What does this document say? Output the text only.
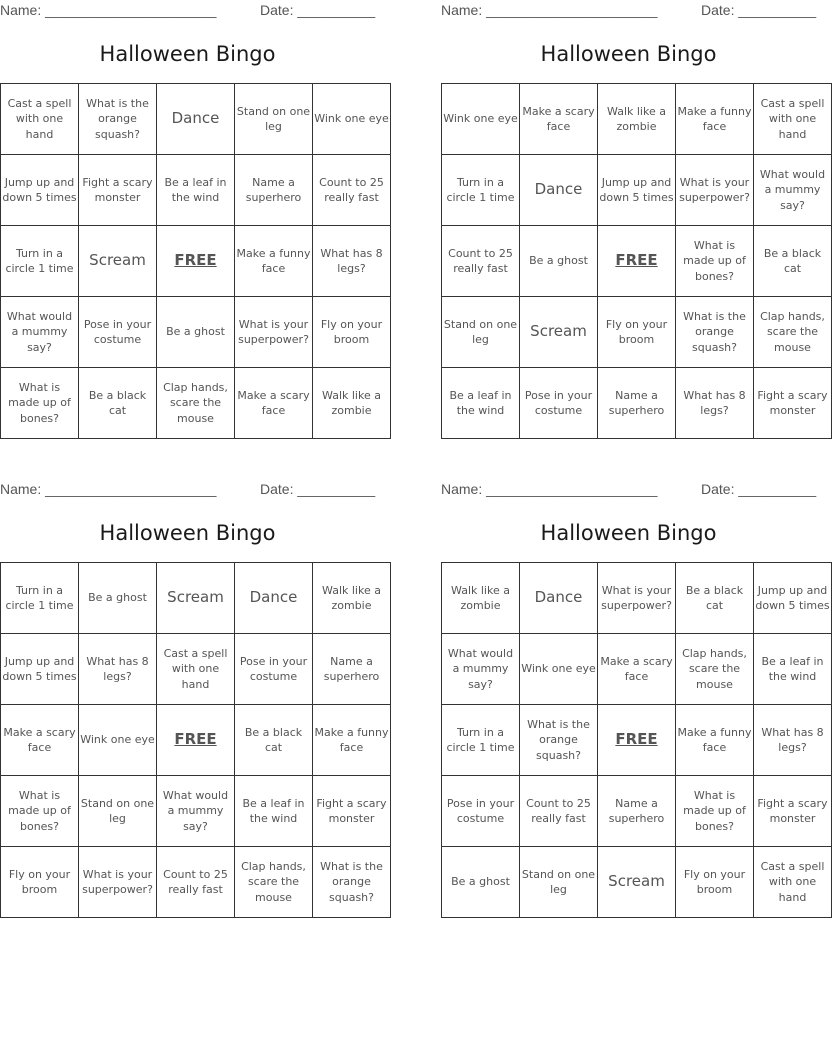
Name: ______________________	Date: __________
Halloween Bingo
Cast a spell with one hand	What is the orange squash?	Dance	Stand on one leg	Wink one eye
Jump up and down 5 times	Fight a scary monster	Be a leaf in the wind	Name a superhero	Count to 25 really fast
Turn in a circle 1 time	Scream	FREE	Make a funny face	What has 8 legs?
What would a mummy say?	Pose in your costume	Be a ghost	What is your superpower?	Fly on your broom
What is made up of bones?	Be a black cat	Clap hands, scare the mouse	Make a scary face	Walk like a zombie
Name: ______________________	Date: __________
Halloween Bingo
Wink one eye	Make a scary face	Walk like a zombie	Make a funny face	Cast a spell with one hand
Turn in a circle 1 time	Dance	Jump up and down 5 times	What is your superpower?	What would a mummy say?
Count to 25 really fast	Be a ghost	FREE	What is made up of bones?	Be a black cat
Stand on one leg	Scream	Fly on your broom	What is the orange squash?	Clap hands, scare the mouse
Be a leaf in the wind	Pose in your costume	Name a superhero	What has 8 legs?	Fight a scary monster
Name: ______________________	Date: __________
Halloween Bingo
Turn in a circle 1 time	Be a ghost	Scream	Dance	Walk like a zombie
Jump up and down 5 times	What has 8 legs?	Cast a spell with one hand	Pose in your costume	Name a superhero
Make a scary face	Wink one eye	FREE	Be a black cat	Make a funny face
What is made up of bones?	Stand on one leg	What would a mummy say?	Be a leaf in the wind	Fight a scary monster
Fly on your broom	What is your superpower?	Count to 25 really fast	Clap hands, scare the mouse	What is the orange squash?
Name: ______________________	Date: __________
Halloween Bingo
Walk like a zombie	Dance	What is your superpower?	Be a black cat	Jump up and down 5 times
What would a mummy say?	Wink one eye	Make a scary face	Clap hands, scare the mouse	Be a leaf in the wind
Turn in a circle 1 time	What is the orange squash?	FREE	Make a funny face	What has 8 legs?
Pose in your costume	Count to 25 really fast	Name a superhero	What is made up of bones?	Fight a scary monster
Be a ghost	Stand on one leg	Scream	Fly on your broom	Cast a spell with one hand
